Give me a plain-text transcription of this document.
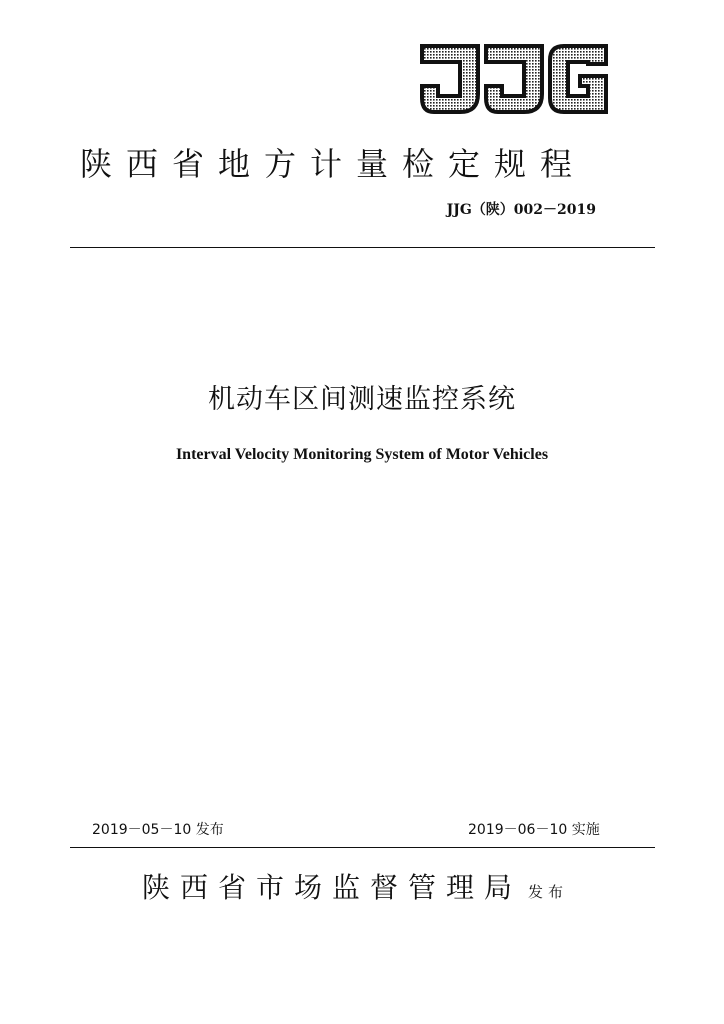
陕西省地方计量检定规程
JJG（陕）002－2019
机动车区间测速监控系统
Interval Velocity Monitoring System of Motor Vehicles
2019－05－10 发布	2019－06－10 实施
陕西省市场监督管理局 发布
